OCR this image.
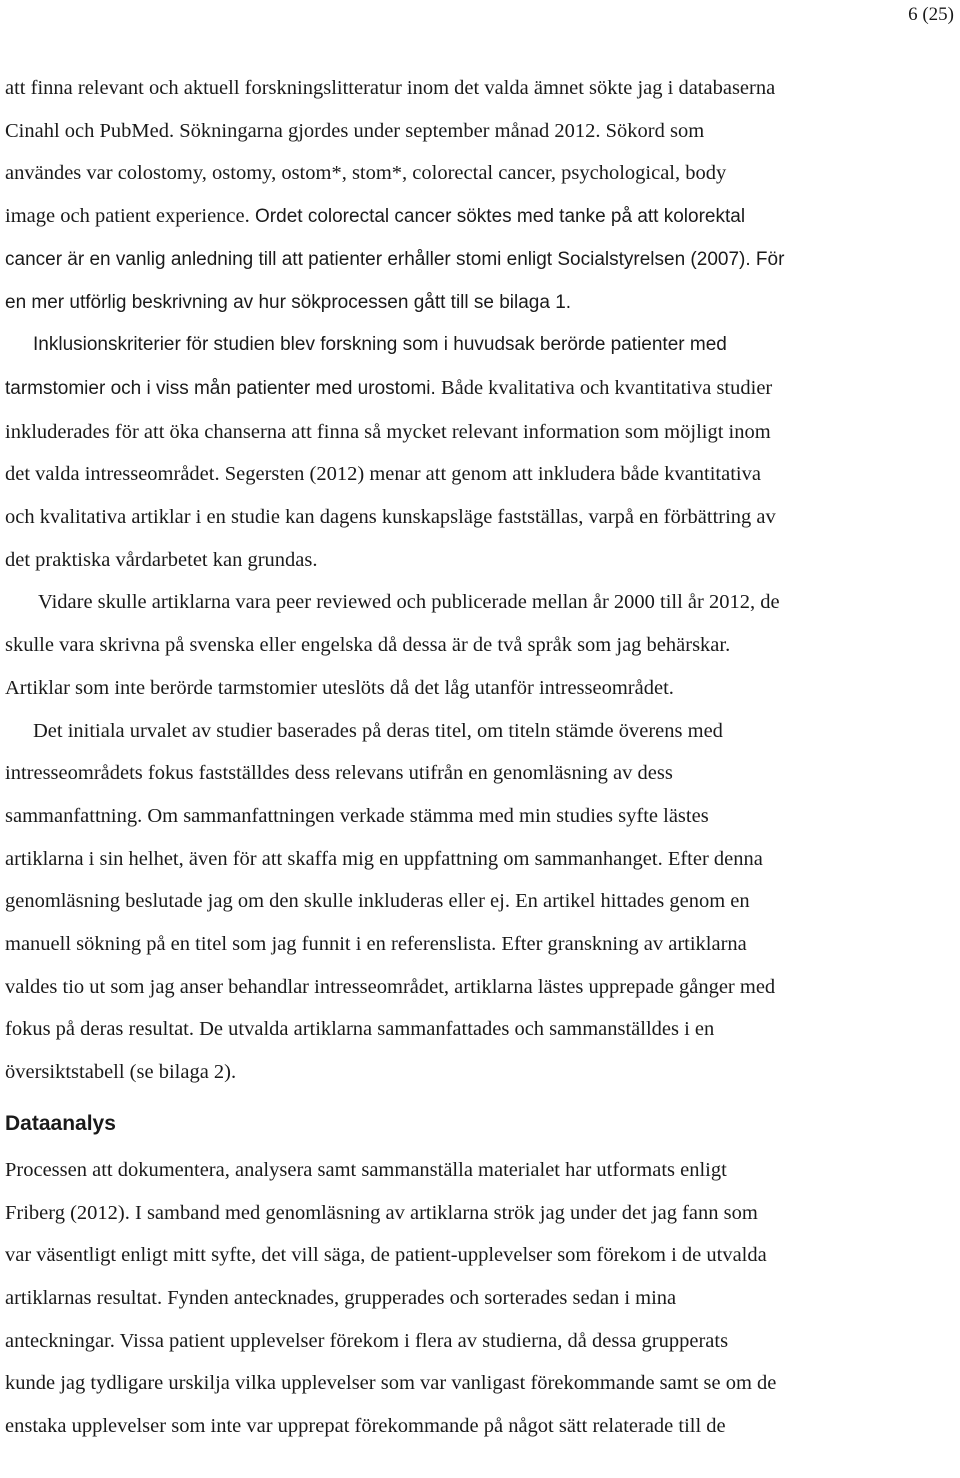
6 (25)
att finna relevant och aktuell forskningslitteratur inom det valda ämnet sökte jag i databaserna
Cinahl och PubMed. Sökningarna gjordes under september månad 2012. Sökord som
användes var colostomy, ostomy, ostom*, stom*, colorectal cancer, psychological, body
image och patient experience. Ordet colorectal cancer söktes med tanke på att kolorektal
cancer är en vanlig anledning till att patienter erhåller stomi enligt Socialstyrelsen (2007). För
en mer utförlig beskrivning av hur sökprocessen gått till se bilaga 1.
Inklusionskriterier för studien blev forskning som i huvudsak berörde patienter med
tarmstomier och i viss mån patienter med urostomi. Både kvalitativa och kvantitativa studier
inkluderades för att öka chanserna att finna så mycket relevant information som möjligt inom
det valda intresseområdet. Segersten (2012) menar att genom att inkludera både kvantitativa
och kvalitativa artiklar i en studie kan dagens kunskapsläge fastställas, varpå en förbättring av
det praktiska vårdarbetet kan grundas.
Vidare skulle artiklarna vara peer reviewed och publicerade mellan år 2000 till år 2012, de
skulle vara skrivna på svenska eller engelska då dessa är de två språk som jag behärskar.
Artiklar som inte berörde tarmstomier uteslöts då det låg utanför intresseområdet.
Det initiala urvalet av studier baserades på deras titel, om titeln stämde överens med
intresseområdets fokus fastställdes dess relevans utifrån en genomläsning av dess
sammanfattning. Om sammanfattningen verkade stämma med min studies syfte lästes
artiklarna i sin helhet, även för att skaffa mig en uppfattning om sammanhanget. Efter denna
genomläsning beslutade jag om den skulle inkluderas eller ej. En artikel hittades genom en
manuell sökning på en titel som jag funnit i en referenslista. Efter granskning av artiklarna
valdes tio ut som jag anser behandlar intresseområdet, artiklarna lästes upprepade gånger med
fokus på deras resultat. De utvalda artiklarna sammanfattades och sammanställdes i en
översiktstabell (se bilaga 2).
Dataanalys
Processen att dokumentera, analysera samt sammanställa materialet har utformats enligt
Friberg (2012). I samband med genomläsning av artiklarna strök jag under det jag fann som
var väsentligt enligt mitt syfte, det vill säga, de patient-upplevelser som förekom i de utvalda
artiklarnas resultat. Fynden antecknades, grupperades och sorterades sedan i mina
anteckningar. Vissa patient upplevelser förekom i flera av studierna, då dessa grupperats
kunde jag tydligare urskilja vilka upplevelser som var vanligast förekommande samt se om de
enstaka upplevelser som inte var upprepat förekommande på något sätt relaterade till de
